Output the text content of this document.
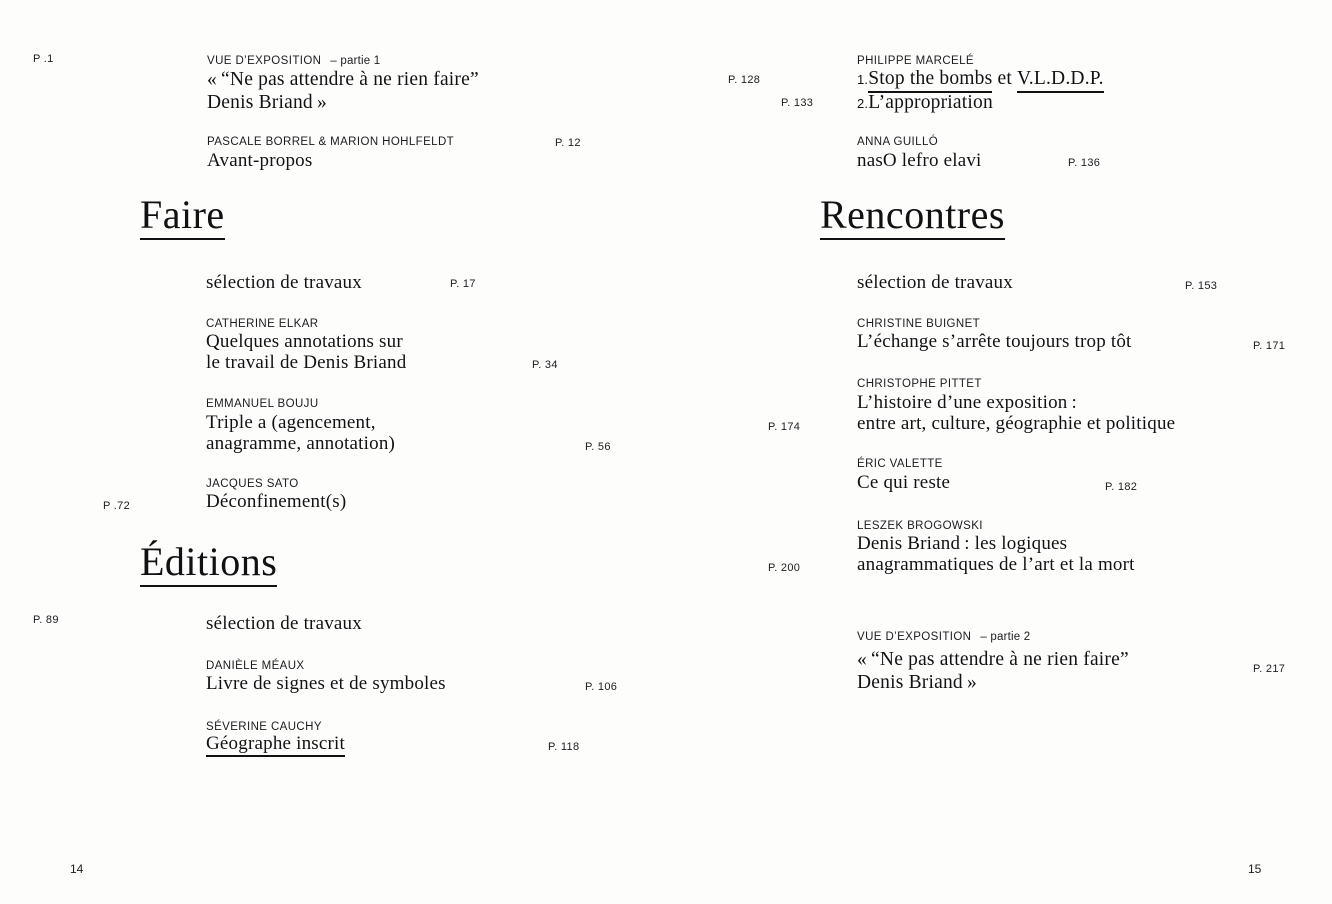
P .1	VUE D’EXPOSITION – partie 1
« “Ne pas attendre à ne rien faire”
Denis Briand »
PASCALE BORREL & MARION HOHLFELDT	P. 12
Avant-propos
Faire
sélection de travaux	P. 17
CATHERINE ELKAR
Quelques annotations sur
le travail de Denis Briand	P. 34
EMMANUEL BOUJU
Triple a (agencement,
anagramme, annotation)	P. 56
JACQUES SATO
P .72	Déconfinement(s)
Éditions
P. 89	sélection de travaux
DANIÈLE MÉAUX
Livre de signes et de symboles	P. 106
SÉVERINE CAUCHY
Géographe inscrit	P. 118
14
PHILIPPE MARCELÉ
P. 128	1.Stop the bombs et V.L.D.D.P.
P. 133	2.L’appropriation
ANNA GUILLÓ
nasO lefro elavi	P. 136
Rencontres
sélection de travaux	P. 153
CHRISTINE BUIGNET
L’échange s’arrête toujours trop tôt	P. 171
CHRISTOPHE PITTET
L’histoire d’une exposition :
entre art, culture, géographie et politique
P. 174
ÉRIC VALETTE
Ce qui reste	P. 182
LESZEK BROGOWSKI
Denis Briand : les logiques
anagrammatiques de l’art et la mort
P. 200
VUE D’EXPOSITION – partie 2
« “Ne pas attendre à ne rien faire”
Denis Briand »
P. 217
15
